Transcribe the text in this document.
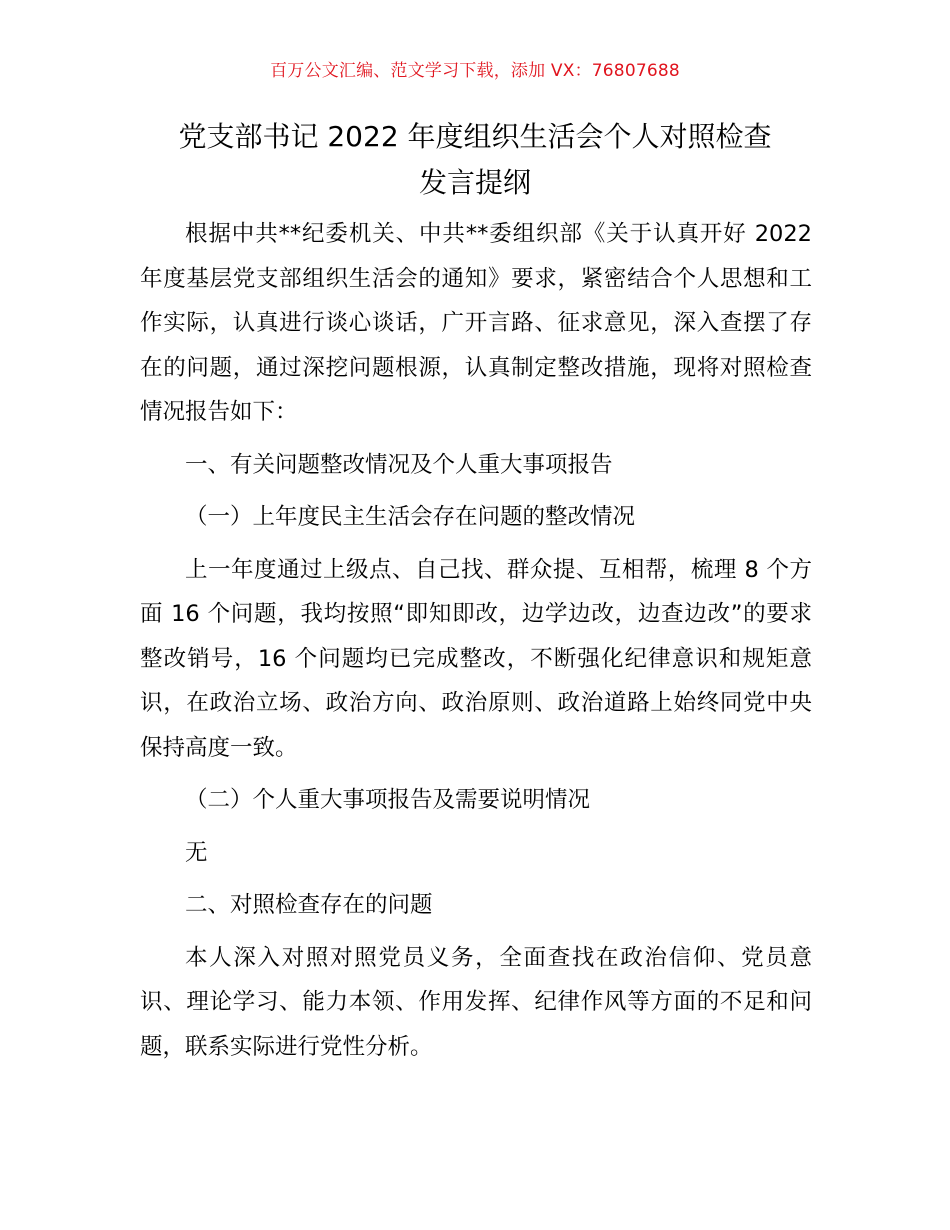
百万公文汇编、范文学习下载，添加 VX：76807688
党支部书记 2022 年度组织生活会个人对照检查
发言提纲

根据中共**纪委机关、中共**委组织部《关于认真开好 2022 年度基层党支部组织生活会的通知》要求，紧密结合个人思想和工作实际，认真进行谈心谈话，广开言路、征求意见，深入查摆了存在的问题，通过深挖问题根源，认真制定整改措施，现将对照检查情况报告如下：

一、有关问题整改情况及个人重大事项报告

（一）上年度民主生活会存在问题的整改情况

上一年度通过上级点、自己找、群众提、互相帮，梳理 8 个方面 16 个问题，我均按照“即知即改，边学边改，边查边改”的要求整改销号，16 个问题均已完成整改，不断强化纪律意识和规矩意识，在政治立场、政治方向、政治原则、政治道路上始终同党中央保持高度一致。

（二）个人重大事项报告及需要说明情况

无

二、对照检查存在的问题

本人深入对照对照党员义务，全面查找在政治信仰、党员意识、理论学习、能力本领、作用发挥、纪律作风等方面的不足和问题，联系实际进行党性分析。
